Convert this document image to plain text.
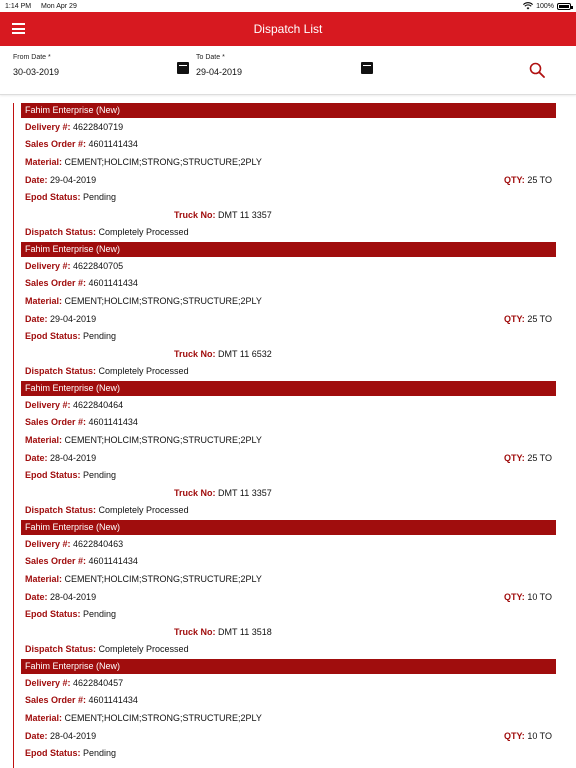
1:14 PM Mon Apr 29	100%
Dispatch List
From Date *
30-03-2019
To Date *
29-04-2019
Fahim Enterprise (New)
Delivery #: 4622840719
Sales Order #: 4601141434
Material: CEMENT;HOLCIM;STRONG;STRUCTURE;2PLY
Date: 29-04-2019
Epod Status: Pending
Truck No: DMT 11 3357
Dispatch Status: Completely Processed
QTY: 25 TO
Fahim Enterprise (New)
Delivery #: 4622840705
Sales Order #: 4601141434
Material: CEMENT;HOLCIM;STRONG;STRUCTURE;2PLY
Date: 29-04-2019
Epod Status: Pending
Truck No: DMT 11 6532
Dispatch Status: Completely Processed
QTY: 25 TO
Fahim Enterprise (New)
Delivery #: 4622840464
Sales Order #: 4601141434
Material: CEMENT;HOLCIM;STRONG;STRUCTURE;2PLY
Date: 28-04-2019
Epod Status: Pending
Truck No: DMT 11 3357
Dispatch Status: Completely Processed
QTY: 25 TO
Fahim Enterprise (New)
Delivery #: 4622840463
Sales Order #: 4601141434
Material: CEMENT;HOLCIM;STRONG;STRUCTURE;2PLY
Date: 28-04-2019
Epod Status: Pending
Truck No: DMT 11 3518
Dispatch Status: Completely Processed
QTY: 10 TO
Fahim Enterprise (New)
Delivery #: 4622840457
Sales Order #: 4601141434
Material: CEMENT;HOLCIM;STRONG;STRUCTURE;2PLY
Date: 28-04-2019
Epod Status: Pending
QTY: 10 TO
